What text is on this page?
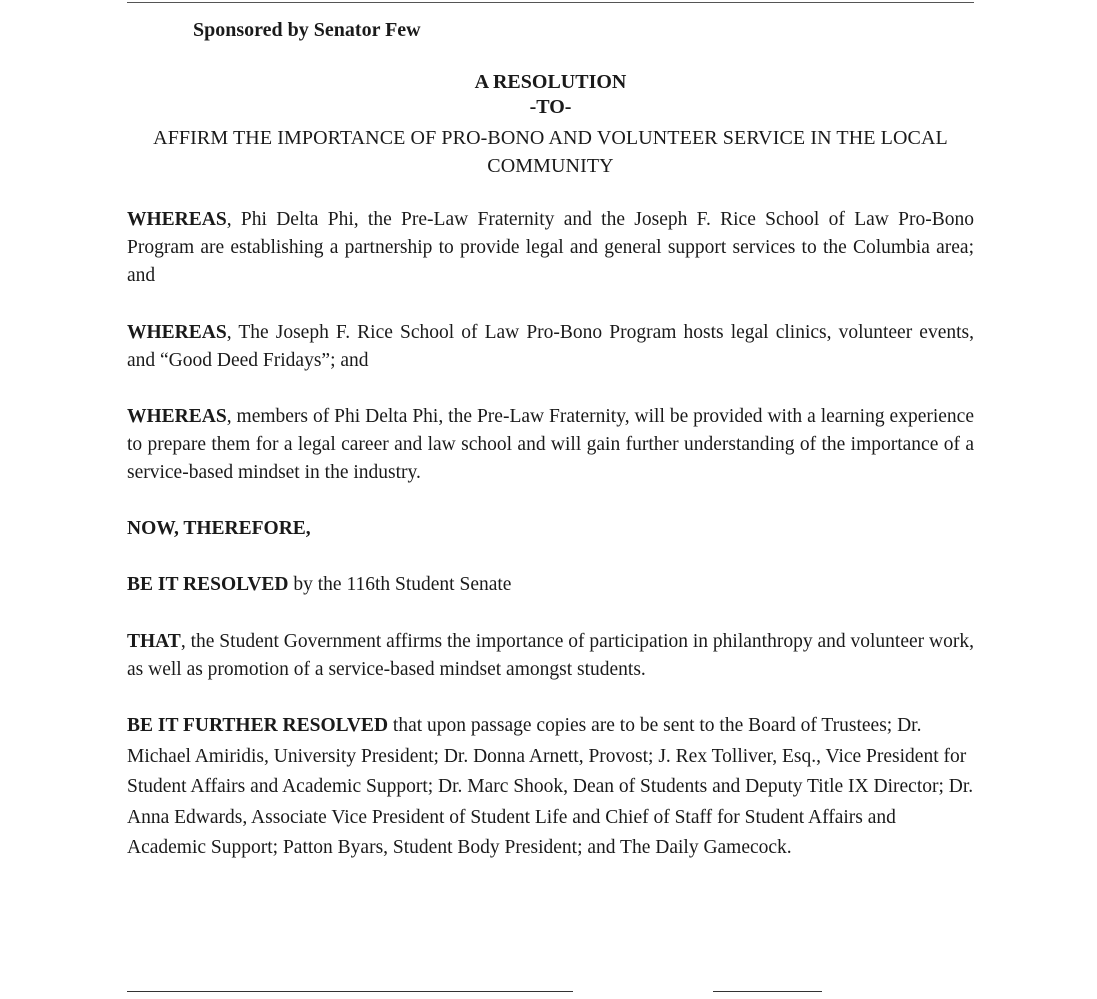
Sponsored by Senator Few
A RESOLUTION
-TO-
AFFIRM THE IMPORTANCE OF PRO-BONO AND VOLUNTEER SERVICE IN THE LOCAL COMMUNITY
WHEREAS, Phi Delta Phi, the Pre-Law Fraternity and the Joseph F. Rice School of Law Pro-Bono Program are establishing a partnership to provide legal and general support services to the Columbia area; and
WHEREAS, The Joseph F. Rice School of Law Pro-Bono Program hosts legal clinics, volunteer events, and “Good Deed Fridays”; and
WHEREAS, members of Phi Delta Phi, the Pre-Law Fraternity, will be provided with a learning experience to prepare them for a legal career and law school and will gain further understanding of the importance of a service-based mindset in the industry.
NOW, THEREFORE,
BE IT RESOLVED by the 116th Student Senate
THAT, the Student Government affirms the importance of participation in philanthropy and volunteer work, as well as promotion of a service-based mindset amongst students.
BE IT FURTHER RESOLVED that upon passage copies are to be sent to the Board of Trustees; Dr. Michael Amiridis, University President; Dr. Donna Arnett, Provost; J. Rex Tolliver, Esq., Vice President for Student Affairs and Academic Support; Dr. Marc Shook, Dean of Students and Deputy Title IX Director; Dr. Anna Edwards, Associate Vice President of Student Life and Chief of Staff for Student Affairs and Academic Support; Patton Byars, Student Body President; and The Daily Gamecock.
